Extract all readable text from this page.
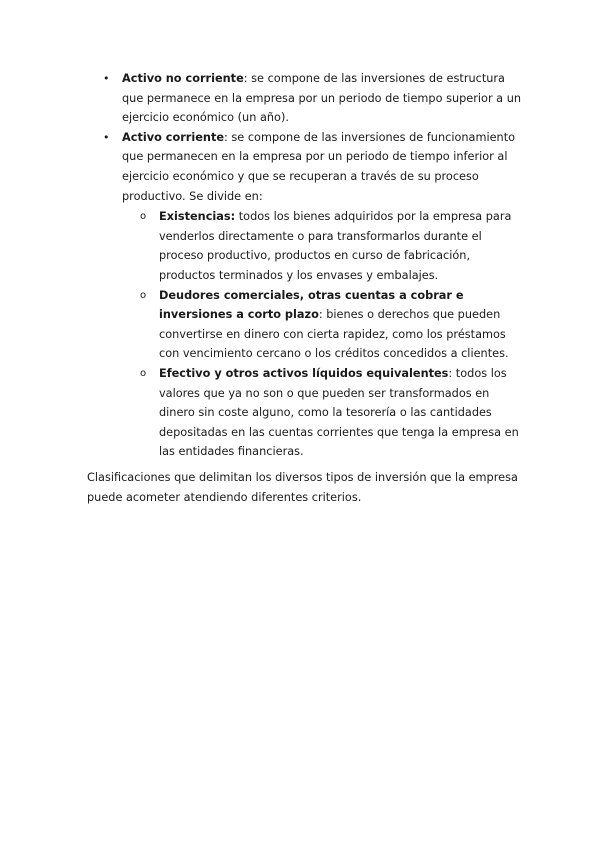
• Activo no corriente: se compone de las inversiones de estructura que permanece en la empresa por un periodo de tiempo superior a un ejercicio económico (un año).
• Activo corriente: se compone de las inversiones de funcionamiento que permanecen en la empresa por un periodo de tiempo inferior al ejercicio económico y que se recuperan a través de su proceso productivo. Se divide en:
o Existencias: todos los bienes adquiridos por la empresa para venderlos directamente o para transformarlos durante el proceso productivo, productos en curso de fabricación, productos terminados y los envases y embalajes.
o Deudores comerciales, otras cuentas a cobrar e inversiones a corto plazo: bienes o derechos que pueden convertirse en dinero con cierta rapidez, como los préstamos con vencimiento cercano o los créditos concedidos a clientes.
o Efectivo y otros activos líquidos equivalentes: todos los valores que ya no son o que pueden ser transformados en dinero sin coste alguno, como la tesorería o las cantidades depositadas en las cuentas corrientes que tenga la empresa en las entidades financieras.

Clasificaciones que delimitan los diversos tipos de inversión que la empresa puede acometer atendiendo diferentes criterios.
